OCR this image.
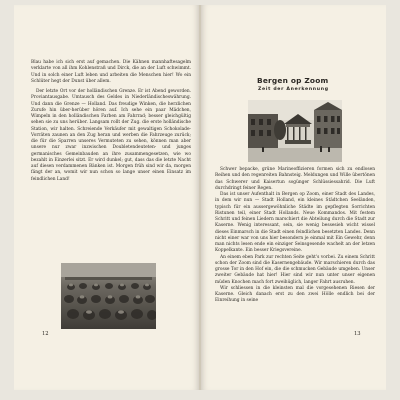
Blau habe ich sich erst auf gemachen. Die Kähnen mannhaftesagelm verklarte von all ihm Kohlenstraß und Dirck, die an der Luft schwimmt. Und in solch einer Luft leben und arbeiten die Menschen hier! Wo ein Schlüter hegt der Dunst über allem.

Der letzte Ort vor der holländischen Grenze. Er ist Abend geworden. Proviantausgabe. Umtausch des Geldes in Niederländischeswährung. Und dann die Grenze — Holland. Das freudige Winken, die herzlichen Zurufe hin über-herüber hören auf. Ich sehe ein paar Mädchen, Wimpeln in den holländischen Farben am Fahrrad; besser gleichgültig sehen sie zu uns herüber. Langsam rollt der Zug. die erste holländische Station, wir halten. Schreiende Verkäufer mit gewaltigen Schokolade-Vorräten zaunen an den Zug heran und werben die Fahrzeuge zurück; die für die Sparren unseres Vermuteten zu sehen, können man aber unsere nur zwar inzwischen Doubletendeuteten- und junges germanisches Gemeinbauden an ihre zusammengesetzen, wie wo bezahlt in Einzerlei sitzt. Er wird dunkel; gut, dass das die letzte Nacht auf diesen verdammenen Bänken ist. Morgen früh sind wir da, morgen fängt der an, womit wir nun schon so lange unser einen Einsatz im feindlichen Land!

12
Bergen op Zoom
Zeit der Anerkennung

Schwer bepacke, grüne Marineoffizieren formen sich zu endlosen Reihen und den regenreiten Bahnsteig. Meldungen und Wille übertönen das Schwerer und Kaisertun sogünger Schlüssiessahrid. Die Luft durchdringt feiner Regen.

Das ist unser Aufenthalt in Bergen op Zoom, einer Stadt des Landes, in dem wir nun — Stadt Holland, ein kleines Städtchen Seeländen, typisch für ein aussergewöhnliche Städte im gepflegten Sorrichten Ristunen teil, einer Stadt Hollands. Neue Kommandos. Mit festem Schritt und feinen Liedern marschiert die Abteilung durch die Stadt zur Kaserne. Wenig interessant, sein, sie wenig bessesieh wicht wissel dieses Einmarsch in die Stadt einen feindlichen besetzten Landes. Denn nicht einer war von uns hier besondern je einmal mit Ein Gewehr, denn man nichts lesen ende ein einziger Seinsgesende wachelt an der letzen Koppelkante. Ein besser Kriegsvereine.

An einem eben Park zur rechten Seite geht's vorbei. Zu einem Schritt schon der Zoom sind die Kasernengebäude. Wir marschieren durch das grosse Tor in den Hof ein, die die schmucken Gebäude umgeben. Unser zweiter Gebäude hat hier! Hier sind wir nun unter unser eigenen müden Knochen mach fort zweihüglich, langer Fahrt ausruhen.

Wir schliessen in die kleinsten mal die vorgesehenen Riesen der Kaserne. Gleich danach erst zu den zwei Hölle endlich bei der Einreihung in seine

13
